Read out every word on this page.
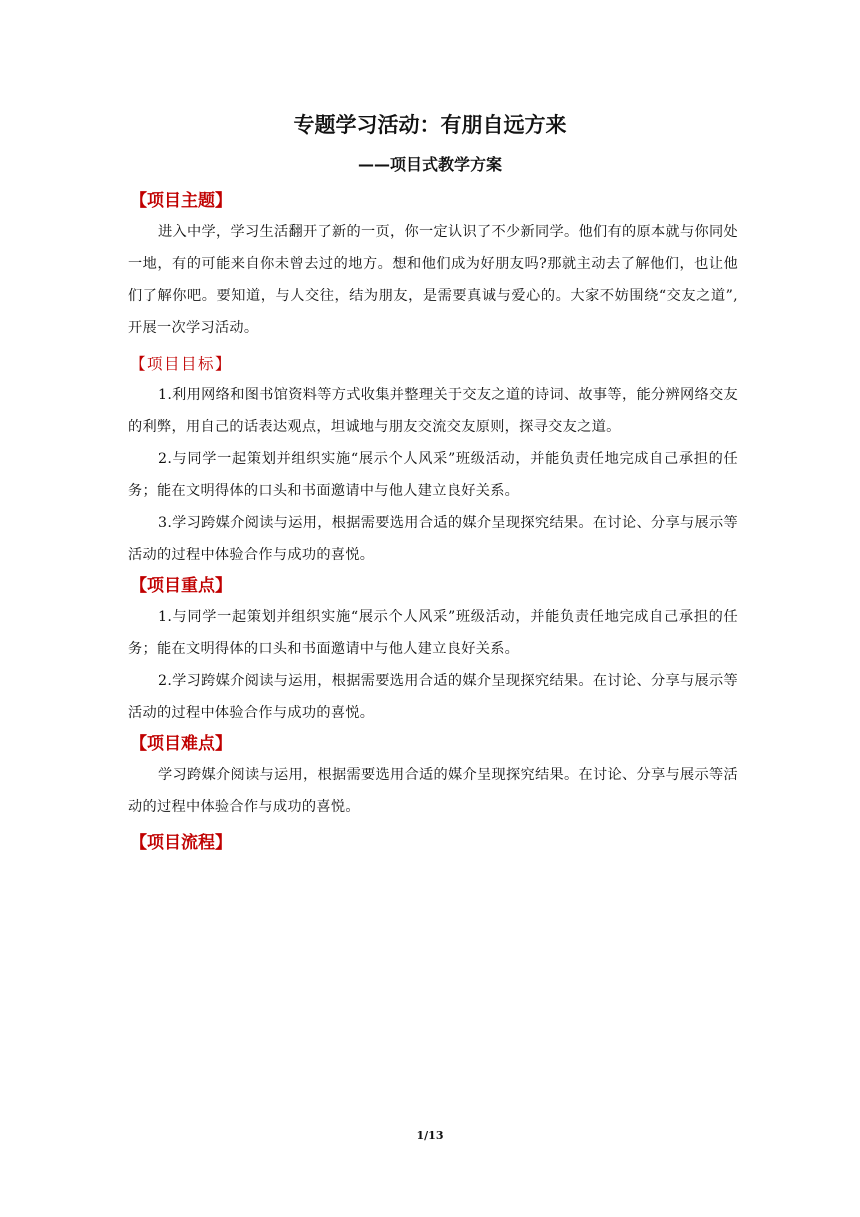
专题学习活动：有朋自远方来
——项目式教学方案

【项目主题】

进入中学，学习生活翻开了新的一页，你一定认识了不少新同学。他们有的原本就与你同处一地，有的可能来自你未曾去过的地方。想和他们成为好朋友吗?那就主动去了解他们，也让他们了解你吧。要知道，与人交往，结为朋友，是需要真诚与爱心的。大家不妨围绕“交友之道”,开展一次学习活动。

【项目目标】

1.利用网络和图书馆资料等方式收集并整理关于交友之道的诗词、故事等，能分辨网络交友的利弊，用自己的话表达观点，坦诚地与朋友交流交友原则，探寻交友之道。

2.与同学一起策划并组织实施“展示个人风采”班级活动，并能负责任地完成自己承担的任务；能在文明得体的口头和书面邀请中与他人建立良好关系。

3.学习跨媒介阅读与运用，根据需要选用合适的媒介呈现探究结果。在讨论、分享与展示等活动的过程中体验合作与成功的喜悦。

【项目重点】

1.与同学一起策划并组织实施“展示个人风采”班级活动，并能负责任地完成自己承担的任务；能在文明得体的口头和书面邀请中与他人建立良好关系。

2.学习跨媒介阅读与运用，根据需要选用合适的媒介呈现探究结果。在讨论、分享与展示等活动的过程中体验合作与成功的喜悦。

【项目难点】

学习跨媒介阅读与运用，根据需要选用合适的媒介呈现探究结果。在讨论、分享与展示等活动的过程中体验合作与成功的喜悦。

【项目流程】

1/13
